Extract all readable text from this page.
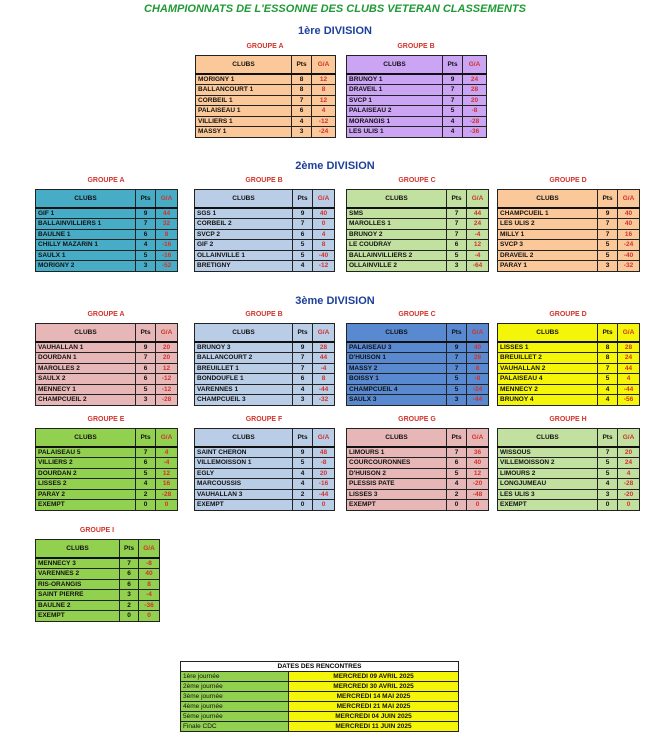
CHAMPIONNATS DE L'ESSONNE DES CLUBS VETERAN CLASSEMENTS
1ère DIVISION
2ème DIVISION
3ème DIVISION
GROUPE A
CLUBS	Pts	G/A
MORIGNY 1	8	12
BALLANCOURT 1	8	8
CORBEIL 1	7	12
PALAISEAU 1	6	4
VILLIERS 1	4	-12
MASSY 1	3	-24
GROUPE B
CLUBS	Pts	G/A
BRUNOY 1	9	24
DRAVEIL 1	7	28
SVCP 1	7	20
PALAISEAU 2	5	-8
MORANGIS 1	4	-28
LES ULIS 1	4	-36
GROUPE A
CLUBS	Pts	G/A
GIF 1	9	44
BALLAINVILLIERS 1	7	32
BAULNE 1	6	8
CHILLY MAZARIN 1	4	-16
SAULX 1	5	-16
MORIGNY 2	3	-52
GROUPE B
CLUBS	Pts	G/A
SGS 1	9	40
CORBEIL 2	7	0
SVCP 2	6	4
GIF 2	5	8
OLLAINVILLE 1	5	-40
BRETIGNY	4	-12
GROUPE C
CLUBS	Pts	G/A
SMS	7	44
MAROLLES 1	7	24
BRUNOY 2	7	-4
LE COUDRAY	6	12
BALLAINVILLIERS 2	5	-4
OLLAINVILLE 2	3	-64
GROUPE D
CLUBS	Pts	G/A
CHAMPCUEIL 1	9	40
LES ULIS 2	7	40
MILLY 1	7	16
SVCP 3	5	-24
DRAVEIL 2	5	-40
PARAY 1	3	-32
GROUPE A
CLUBS	Pts	G/A
VAUHALLAN 1	9	20
DOURDAN 1	7	20
MAROLLES 2	6	12
SAULX 2	6	-12
MENNECY 1	5	-12
CHAMPCUEIL 2	3	-28
GROUPE B
CLUBS	Pts	G/A
BRUNOY 3	9	28
BALLANCOURT 2	7	44
BREUILLET 1	7	-4
BONDOUFLE 1	6	8
VARENNES 1	4	-44
CHAMPCUEIL 3	3	-32
GROUPE C
CLUBS	Pts	G/A
PALAISEAU 3	9	40
D'HUISON 1	7	28
MASSY 2	7	8
BOISSY 1	5	-8
CHAMPCUEIL 4	5	-24
SAULX 3	3	-44
GROUPE D
CLUBS	Pts	G/A
LISSES 1	8	28
BREUILLET 2	8	24
VAUHALLAN 2	7	44
PALAISEAU 4	5	4
MENNECY 2	4	-44
BRUNOY 4	4	-56
GROUPE E
CLUBS	Pts	G/A
PALAISEAU 5	7	4
VILLIERS 2	6	-4
DOURDAN 2	5	12
LISSES 2	4	16
PARAY 2	2	-28
EXEMPT	0	0
GROUPE F
CLUBS	Pts	G/A
SAINT CHERON	9	48
VILLEMOISSON 1	5	-8
EGLY	4	20
MARCOUSSIS	4	-16
VAUHALLAN 3	2	-44
EXEMPT	0	0
GROUPE G
CLUBS	Pts	G/A
LIMOURS 1	7	36
COURCOURONNES	6	40
D'HUISON 2	5	12
PLESSIS PATE	4	-20
LISSES 3	2	-48
EXEMPT	0	0
GROUPE H
CLUBS	Pts	G/A
WISSOUS	7	20
VILLEMOISSON 2	5	24
LIMOURS 2	5	4
LONGJUMEAU	4	-28
LES ULIS 3	3	-20
EXEMPT	0	0
GROUPE I
CLUBS	Pts	G/A
MENNECY 3	7	-8
VARENNES 2	6	40
RIS-ORANGIS	6	8
SAINT PIERRE	3	-4
BAULNE 2	2	-36
EXEMPT	0	0
DATES DES RENCONTRES	
1ère journée	MERCREDI 09 AVRIL 2025
2ème journée	MERCREDI 30 AVRIL 2025
3ème journée	MERCREDI 14 MAI 2025
4ème journée	MERCREDI 21 MAI 2025
5ème journée	MERCREDI 04 JUIN 2025
Finale CDC	MERCREDI 11 JUIN 2025
